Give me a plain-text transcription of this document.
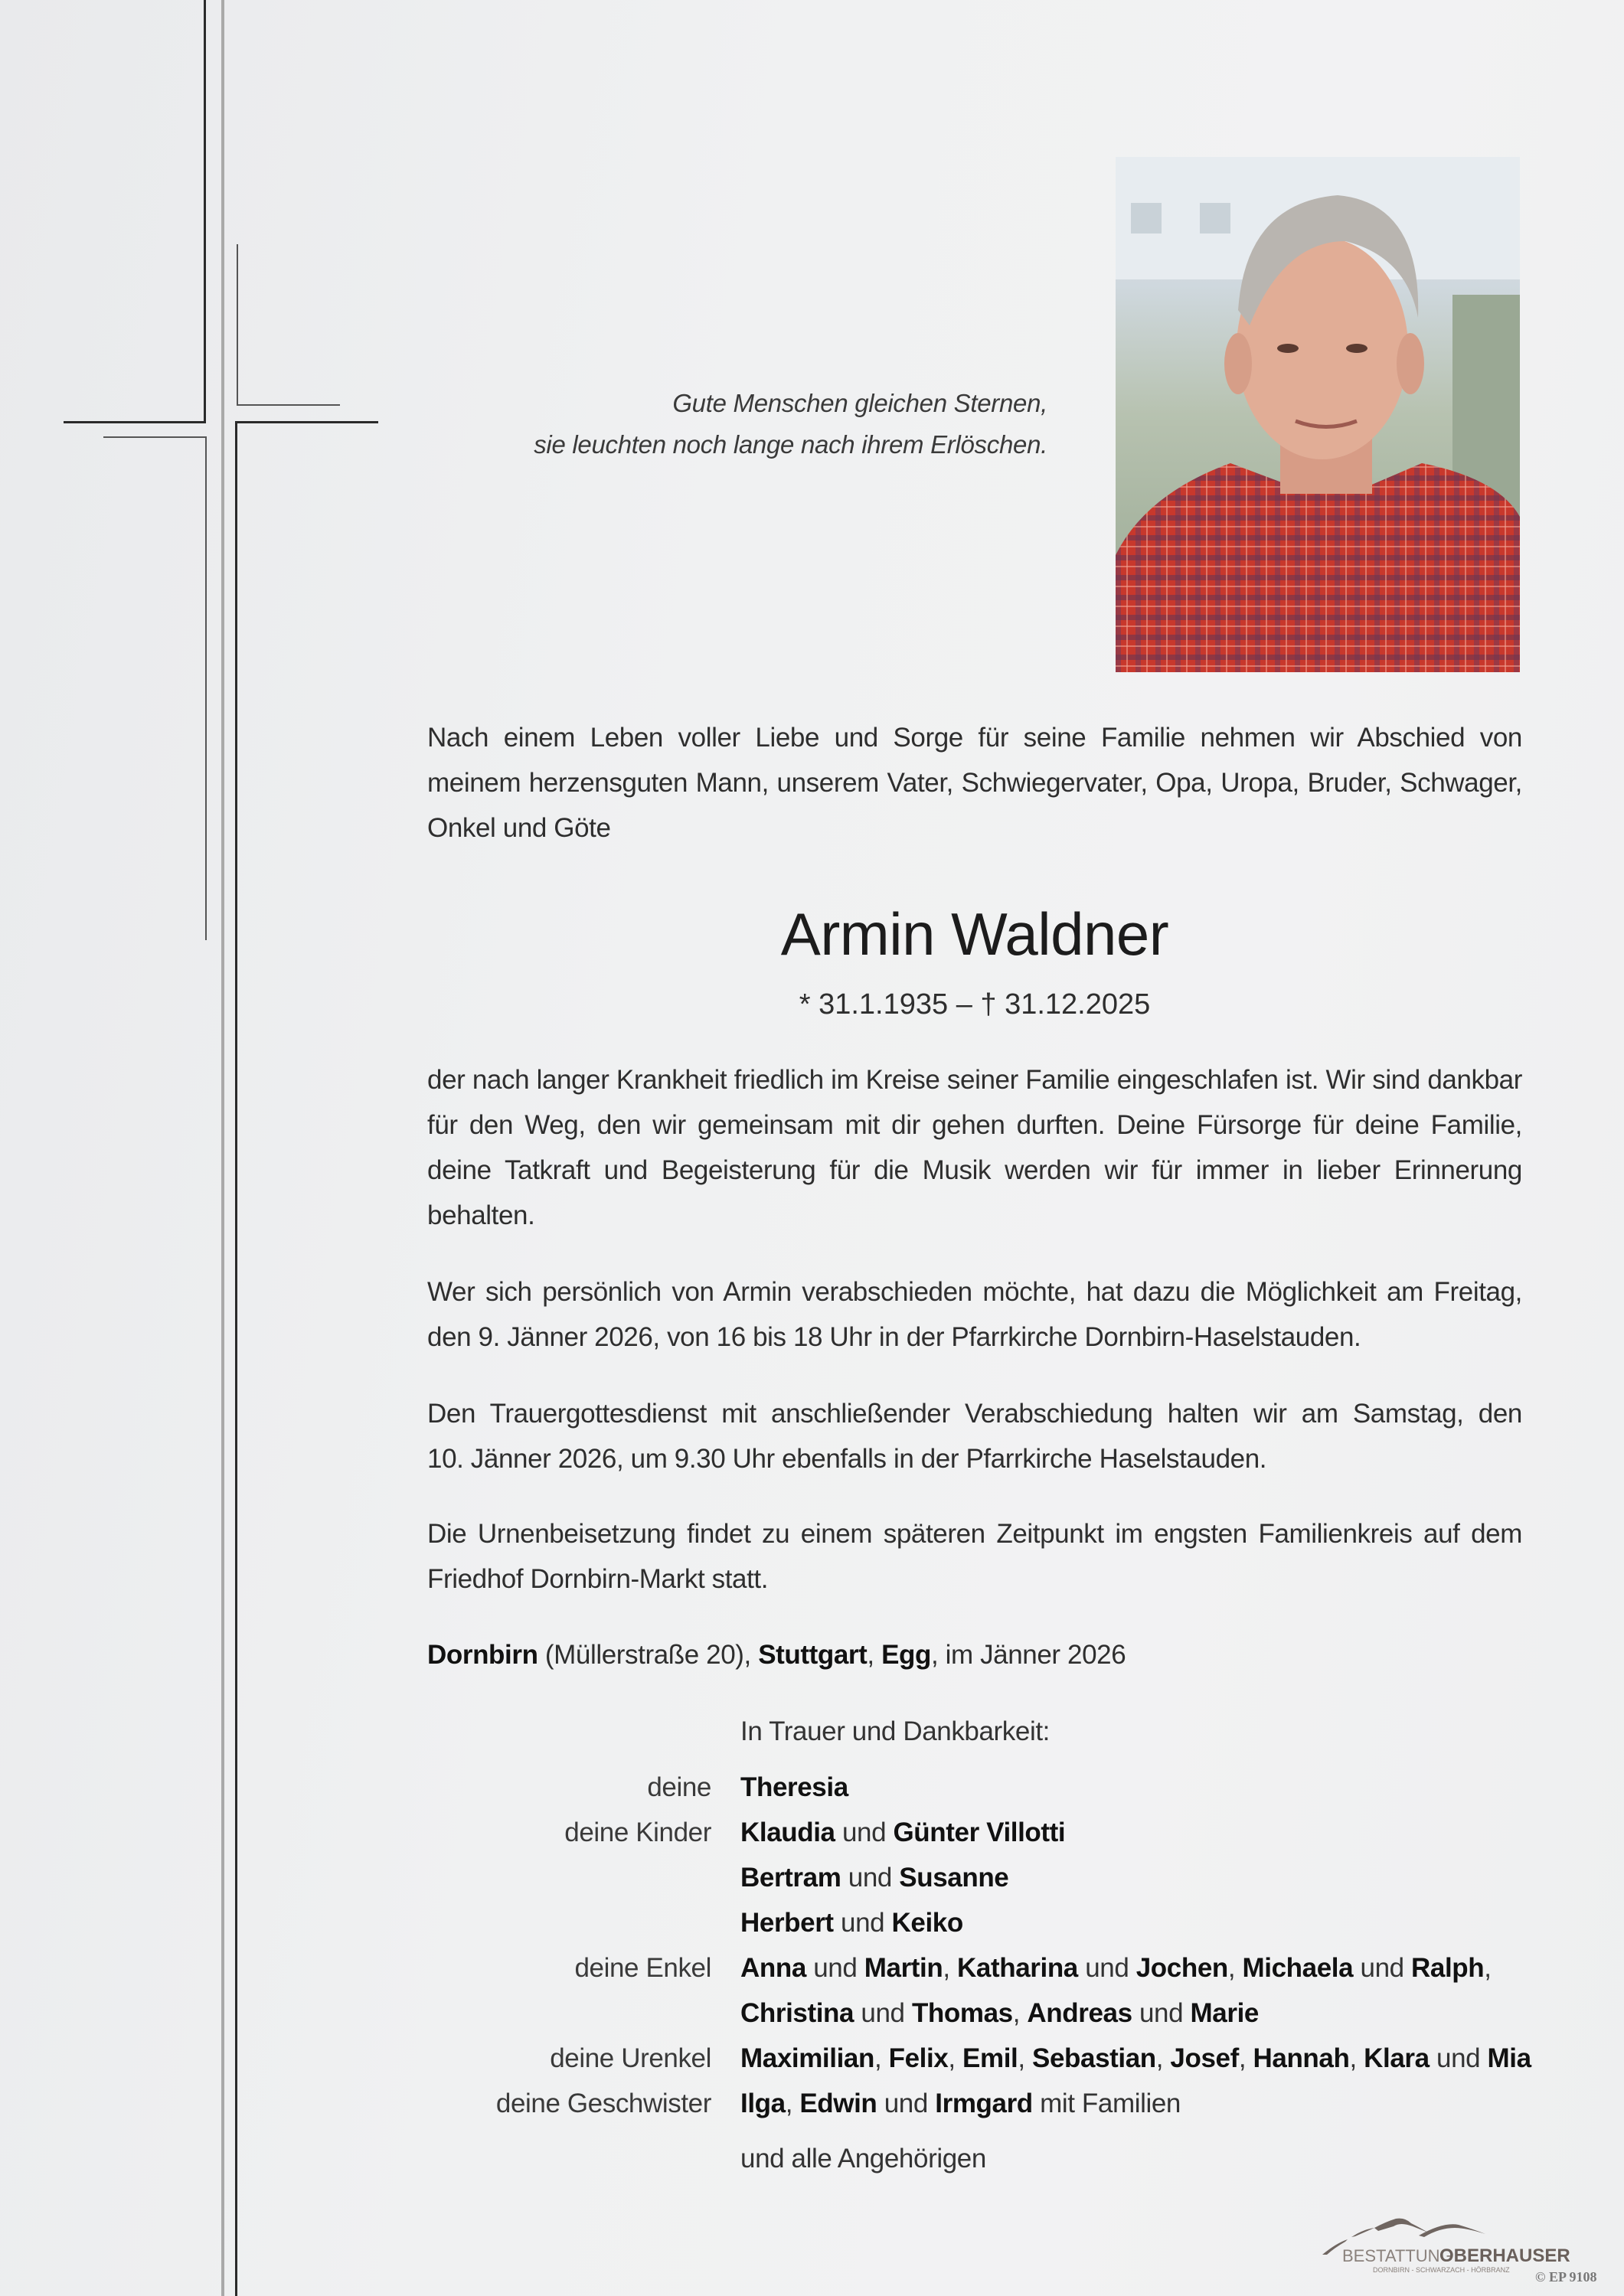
Gute Menschen gleichen Sternen,
sie leuchten noch lange nach ihrem Erlöschen.
Nach einem Leben voller Liebe und Sorge für seine Familie nehmen wir Abschied von
meinem herzensguten Mann, unserem Vater, Schwiegervater, Opa, Uropa, Bruder, Schwager,
Onkel und Göte
Armin Waldner
* 31.1.1935 – † 31.12.2025
der nach langer Krankheit friedlich im Kreise seiner Familie eingeschlafen ist. Wir sind dankbar
für den Weg, den wir gemeinsam mit dir gehen durften. Deine Fürsorge für deine Familie,
deine Tatkraft und Begeisterung für die Musik werden wir für immer in lieber Erinnerung
behalten.
Wer sich persönlich von Armin verabschieden möchte, hat dazu die Möglichkeit am Freitag,
den 9. Jänner 2026, von 16 bis 18 Uhr in der Pfarrkirche Dornbirn-Haselstauden.
Den Trauergottesdienst mit anschließender Verabschiedung halten wir am Samstag, den
10. Jänner 2026, um 9.30 Uhr ebenfalls in der Pfarrkirche Haselstauden.
Die Urnenbeisetzung findet zu einem späteren Zeitpunkt im engsten Familienkreis auf dem
Friedhof Dornbirn-Markt statt.
Dornbirn (Müllerstraße 20), Stuttgart, Egg, im Jänner 2026
In Trauer und Dankbarkeit:
deine Theresia
deine Kinder Klaudia und Günter Villotti
Bertram und Susanne
Herbert und Keiko
deine Enkel Anna und Martin, Katharina und Jochen, Michaela und Ralph,
Christina und Thomas, Andreas und Marie
deine Urenkel Maximilian, Felix, Emil, Sebastian, Josef, Hannah, Klara und Mia
deine Geschwister Ilga, Edwin und Irmgard mit Familien
und alle Angehörigen
BESTATTUNG
OBERHAUSER
DORNBIRN - SCHWARZACH - HÖRBRANZ © EP 9108
